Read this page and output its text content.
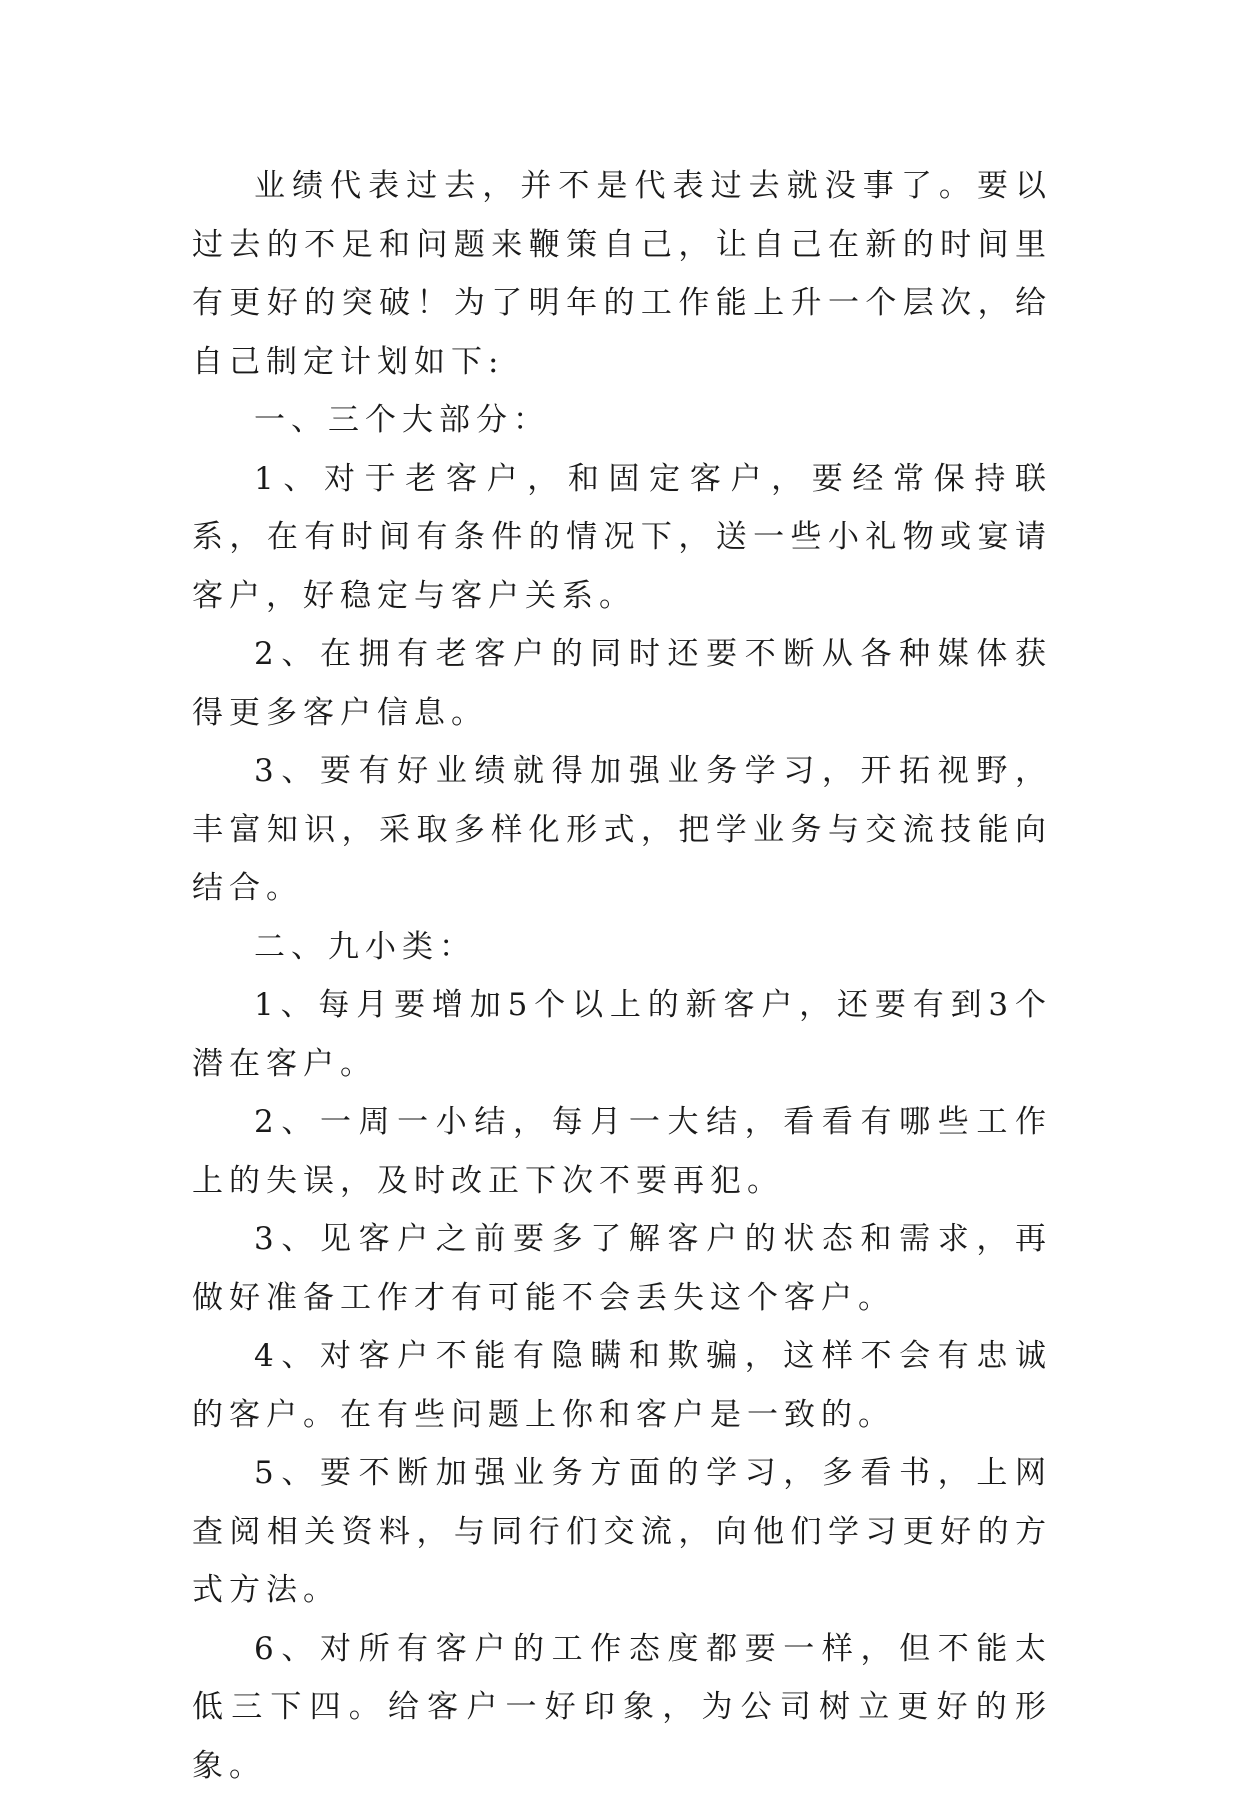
业绩代表过去，并不是代表过去就没事了。要以过去的不足和问题来鞭策自己，让自己在新的时间里有更好的突破！为了明年的工作能上升一个层次，给自己制定计划如下:

一、三个大部分：

1、对于老客户，和固定客户，要经常保持联系，在有时间有条件的情况下，送一些小礼物或宴请客户，好稳定与客户关系。

2、在拥有老客户的同时还要不断从各种媒体获得更多客户信息。

3、要有好业绩就得加强业务学习，开拓视野，丰富知识，采取多样化形式，把学业务与交流技能向结合。

二、九小类：

1、每月要增加5个以上的新客户，还要有到3个潜在客户。

2、一周一小结，每月一大结，看看有哪些工作上的失误，及时改正下次不要再犯。

3、见客户之前要多了解客户的状态和需求，再做好准备工作才有可能不会丢失这个客户。

4、对客户不能有隐瞒和欺骗，这样不会有忠诚的客户。在有些问题上你和客户是一致的。

5、要不断加强业务方面的学习，多看书，上网查阅相关资料，与同行们交流，向他们学习更好的方式方法。

6、对所有客户的工作态度都要一样，但不能太低三下四。给客户一好印象，为公司树立更好的形象。
